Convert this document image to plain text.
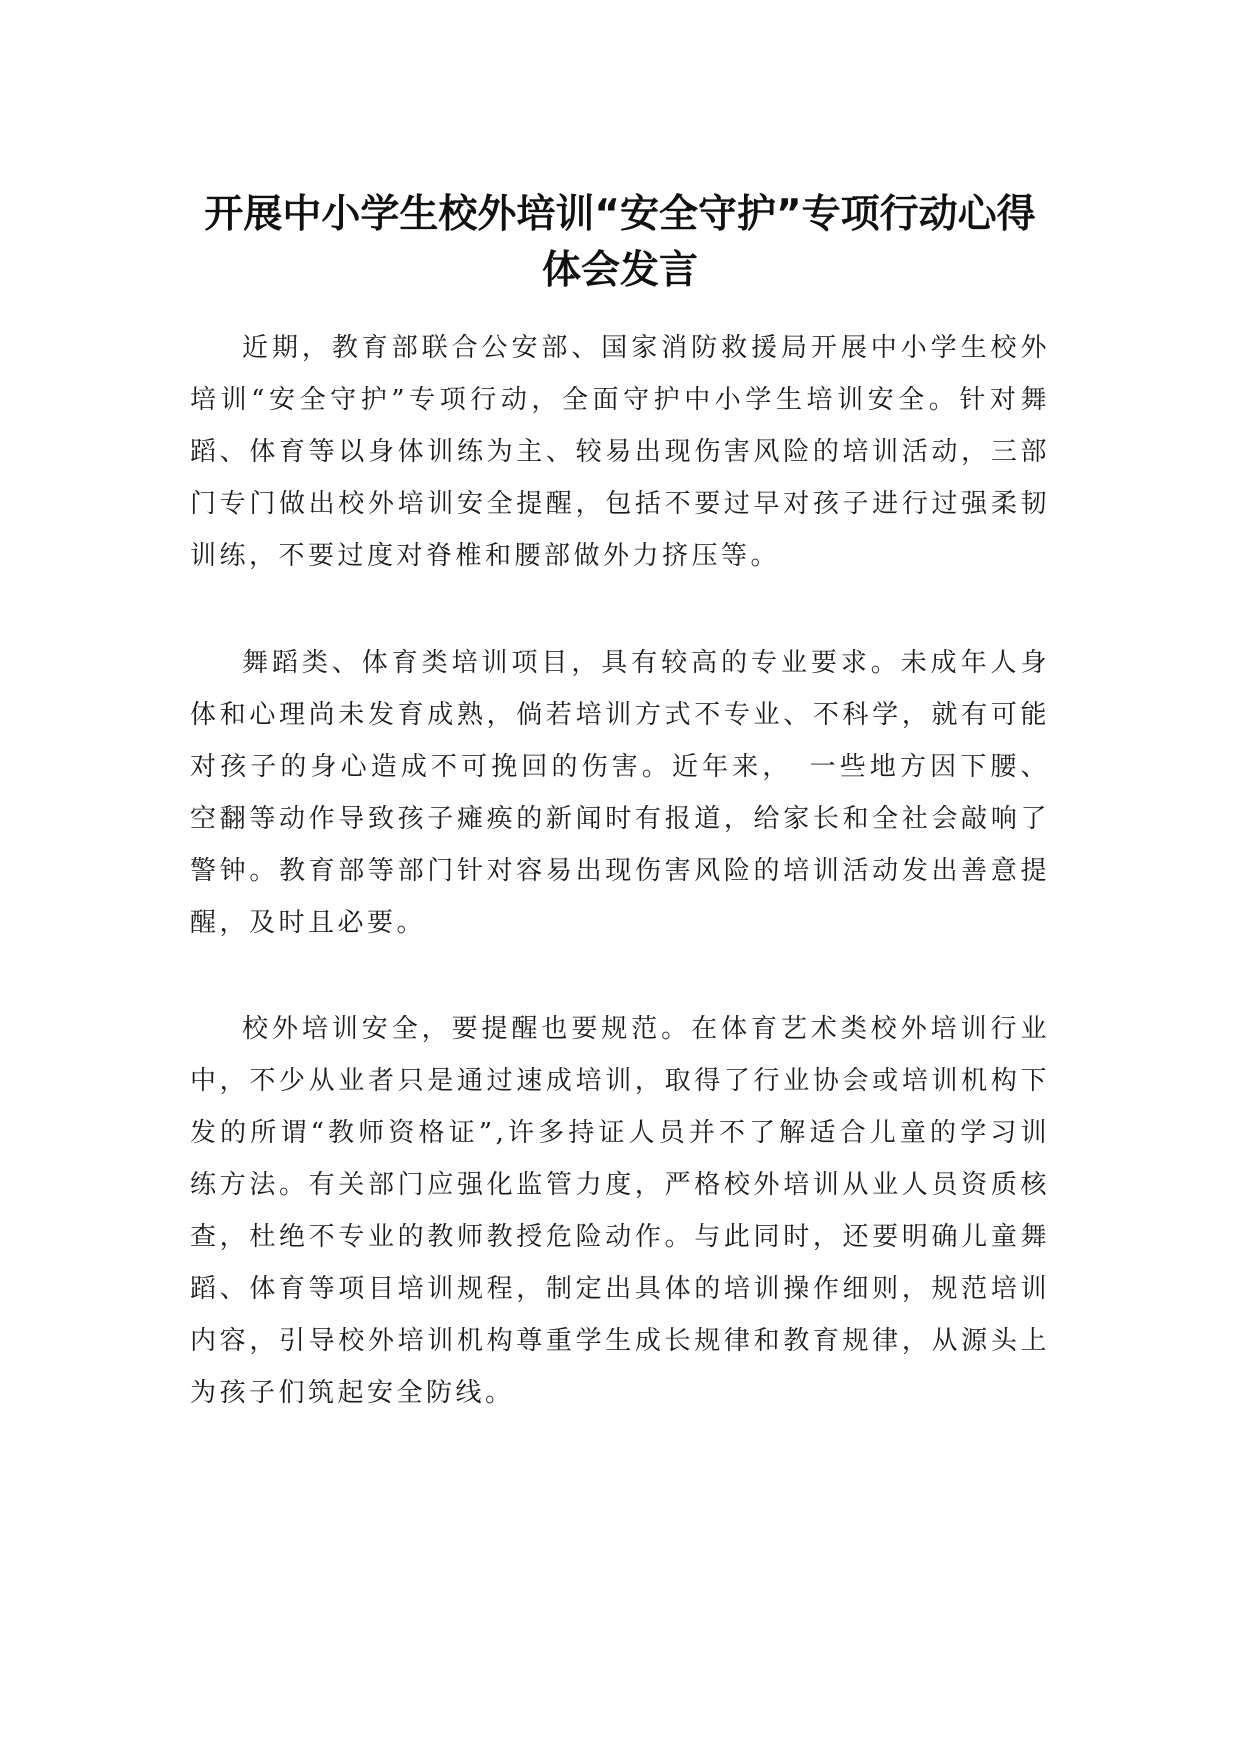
开展中小学生校外培训“安全守护”专项行动心得
体会发言

近期，教育部联合公安部、国家消防救援局开展中小学生校外培训“安全守护”专项行动，全面守护中小学生培训安全。针对舞蹈、体育等以身体训练为主、较易出现伤害风险的培训活动，三部门专门做出校外培训安全提醒，包括不要过早对孩子进行过强柔韧训练，不要过度对脊椎和腰部做外力挤压等。

舞蹈类、体育类培训项目，具有较高的专业要求。未成年人身体和心理尚未发育成熟，倘若培训方式不专业、不科学，就有可能对孩子的身心造成不可挽回的伤害。近年来，　一些地方因下腰、空翻等动作导致孩子瘫痪的新闻时有报道，给家长和全社会敲响了警钟。教育部等部门针对容易出现伤害风险的培训活动发出善意提醒，及时且必要。

校外培训安全，要提醒也要规范。在体育艺术类校外培训行业中，不少从业者只是通过速成培训，取得了行业协会或培训机构下发的所谓“教师资格证”,许多持证人员并不了解适合儿童的学习训练方法。有关部门应强化监管力度，严格校外培训从业人员资质核查，杜绝不专业的教师教授危险动作。与此同时，还要明确儿童舞蹈、体育等项目培训规程，制定出具体的培训操作细则，规范培训内容，引导校外培训机构尊重学生成长规律和教育规律，从源头上为孩子们筑起安全防线。
